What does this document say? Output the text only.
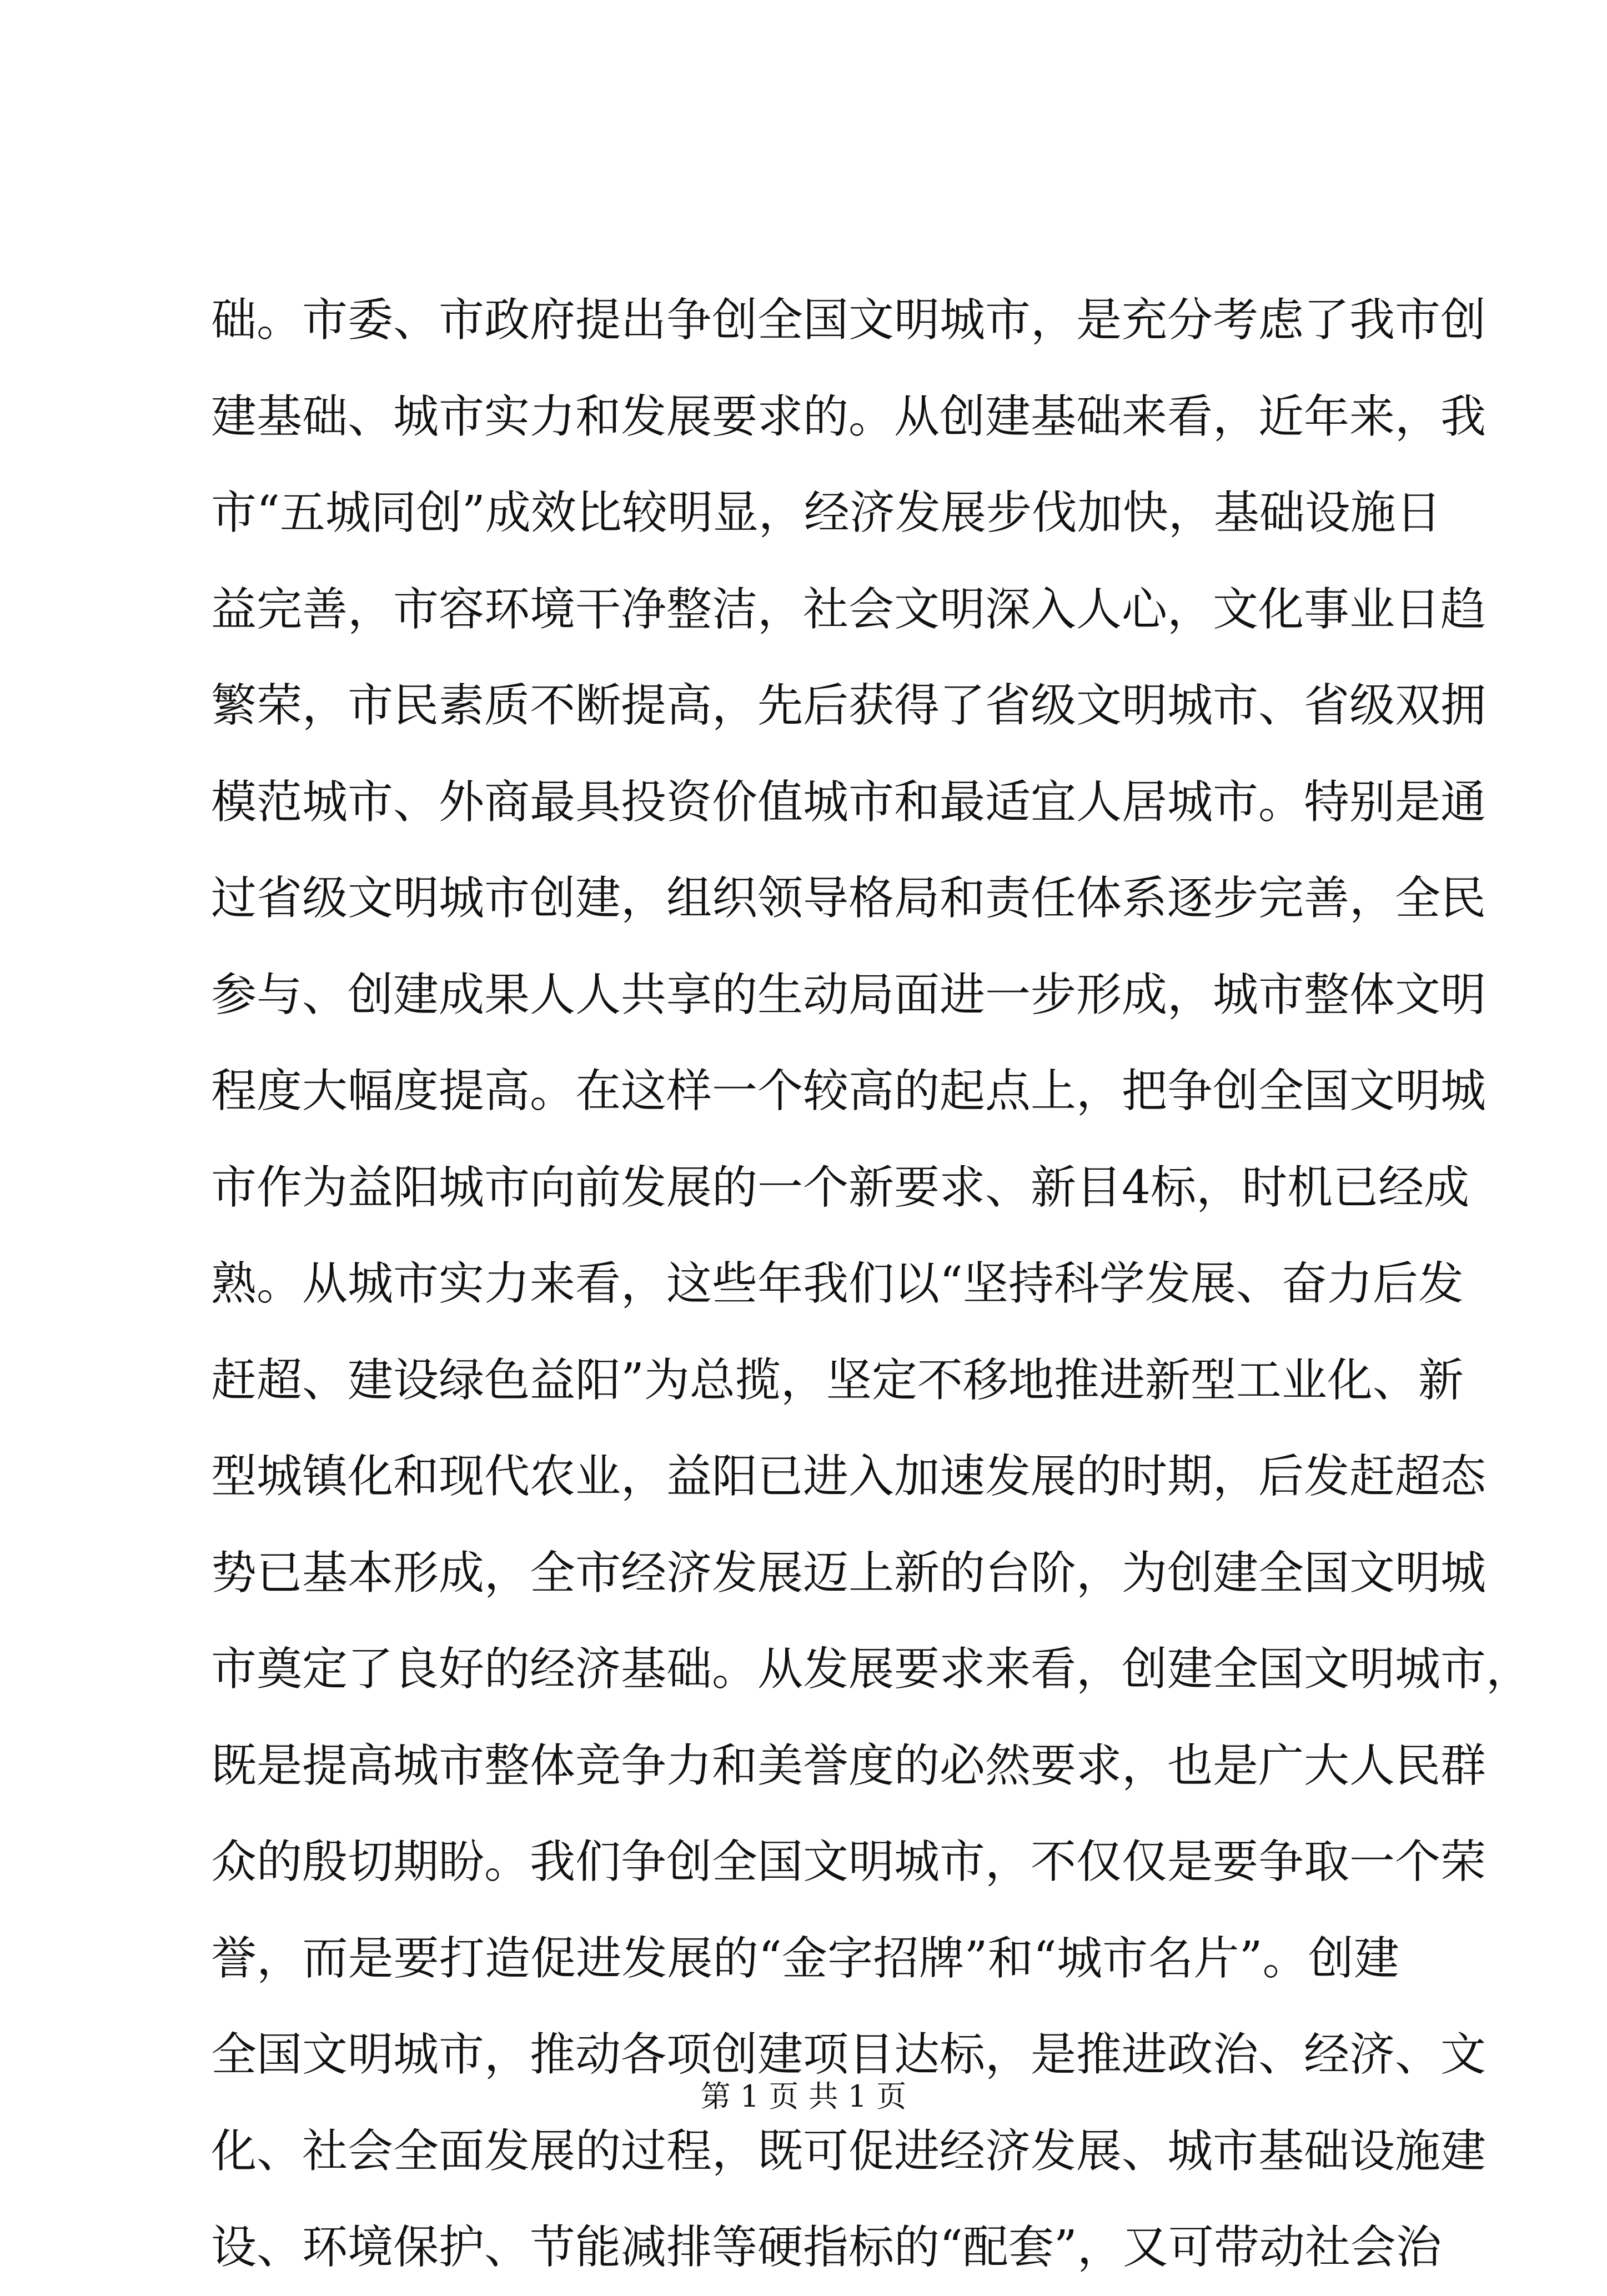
础。市委、市政府提出争创全国文明城市，是充分考虑了我市创
建基础、城市实力和发展要求的。从创建基础来看，近年来，我
市“五城同创”成效比较明显，经济发展步伐加快，基础设施日
益完善，市容环境干净整洁，社会文明深入人心，文化事业日趋
繁荣，市民素质不断提高，先后获得了省级文明城市、省级双拥
模范城市、外商最具投资价值城市和最适宜人居城市。特别是通
过省级文明城市创建，组织领导格局和责任体系逐步完善，全民
参与、创建成果人人共享的生动局面进一步形成，城市整体文明
程度大幅度提高。在这样一个较高的起点上，把争创全国文明城
市作为益阳城市向前发展的一个新要求、新目4标，时机已经成
熟。从城市实力来看，这些年我们以“坚持科学发展、奋力后发
赶超、建设绿色益阳”为总揽，坚定不移地推进新型工业化、新
型城镇化和现代农业，益阳已进入加速发展的时期，后发赶超态
势已基本形成，全市经济发展迈上新的台阶，为创建全国文明城
市奠定了良好的经济基础。从发展要求来看，创建全国文明城市，
既是提高城市整体竞争力和美誉度的必然要求，也是广大人民群
众的殷切期盼。我们争创全国文明城市，不仅仅是要争取一个荣
誉，而是要打造促进发展的“金字招牌”和“城市名片”。创建
全国文明城市，推动各项创建项目达标，是推进政治、经济、文
化、社会全面发展的过程，既可促进经济发展、城市基础设施建
设、环境保护、节能减排等硬指标的“配套”，又可带动社会治
第 1 页 共 1 页
